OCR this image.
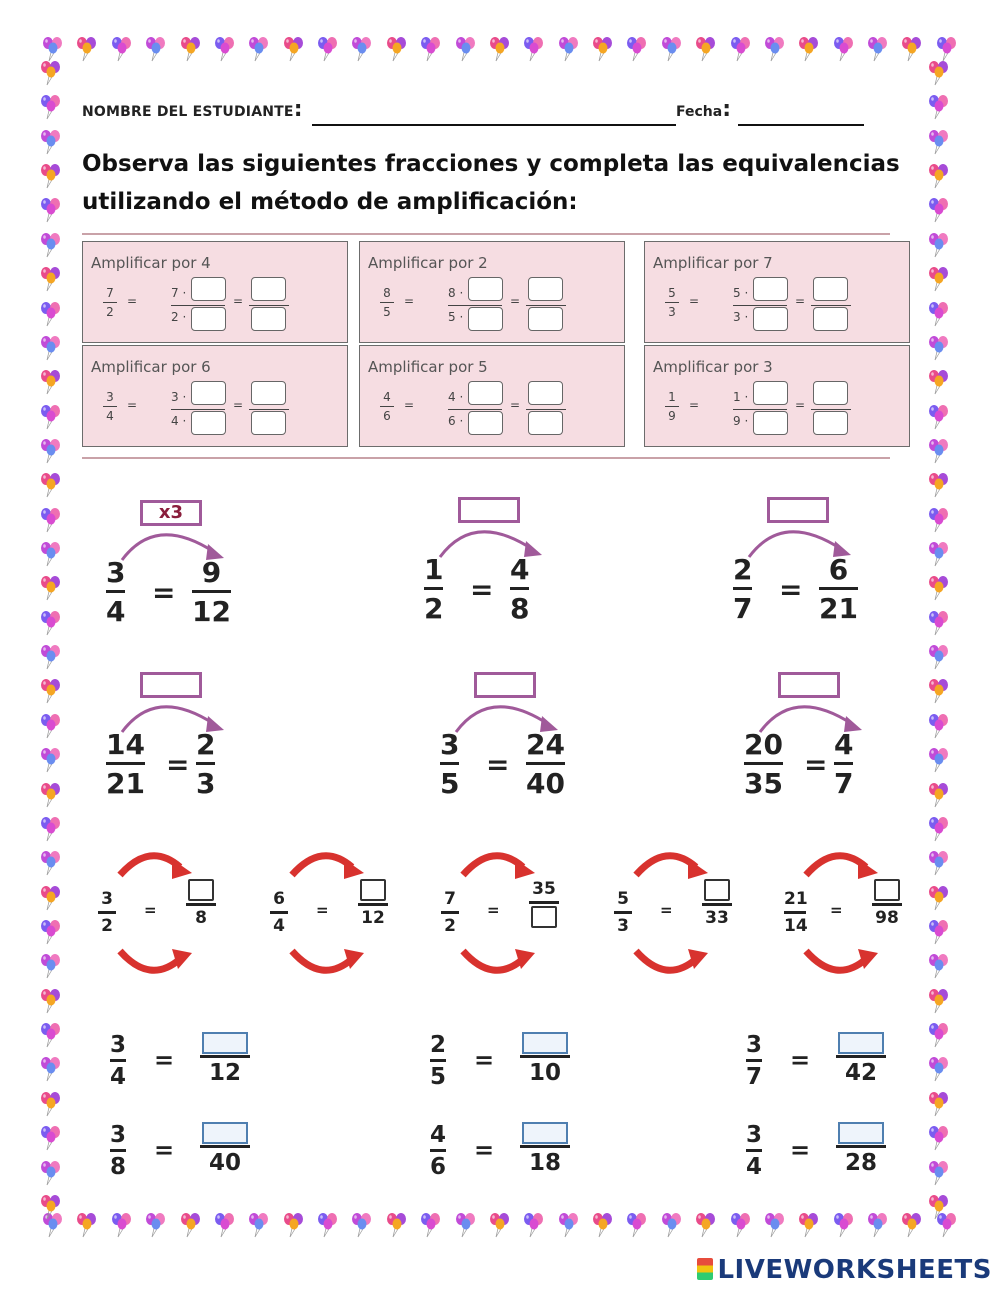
NOMBRE DEL ESTUDIANTE:	Fecha:
Observa las siguientes fracciones y completa las equivalencias utilizando el método de amplificación:
Amplificar por 4
7
2
=
7 ·
2 ·
=
Amplificar por 2
8
5
=
8 ·
5 ·
=
Amplificar por 7
5
3
=
5 ·
3 ·
=
Amplificar por 6
3
4
=
3 ·
4 ·
=
Amplificar por 5
4
6
=
4 ·
6 ·
=
Amplificar por 3
1
9
=
1 ·
9 ·
=
x3
3
4
=
9
12
1
2
=
4
8
2
7
=
6
21
14
21
=
2
3
3
5
=
24
40
20
35
=
4
7
3
2
= 8
6
4
= 12
7
2
=
35	5
3
= 33
21
14
= 98
3
4
= 12
2
5
= 10
3
7
= 42
3
8
= 40
4
6
= 18
3
4
= 28
LIVEWORKSHEETS
